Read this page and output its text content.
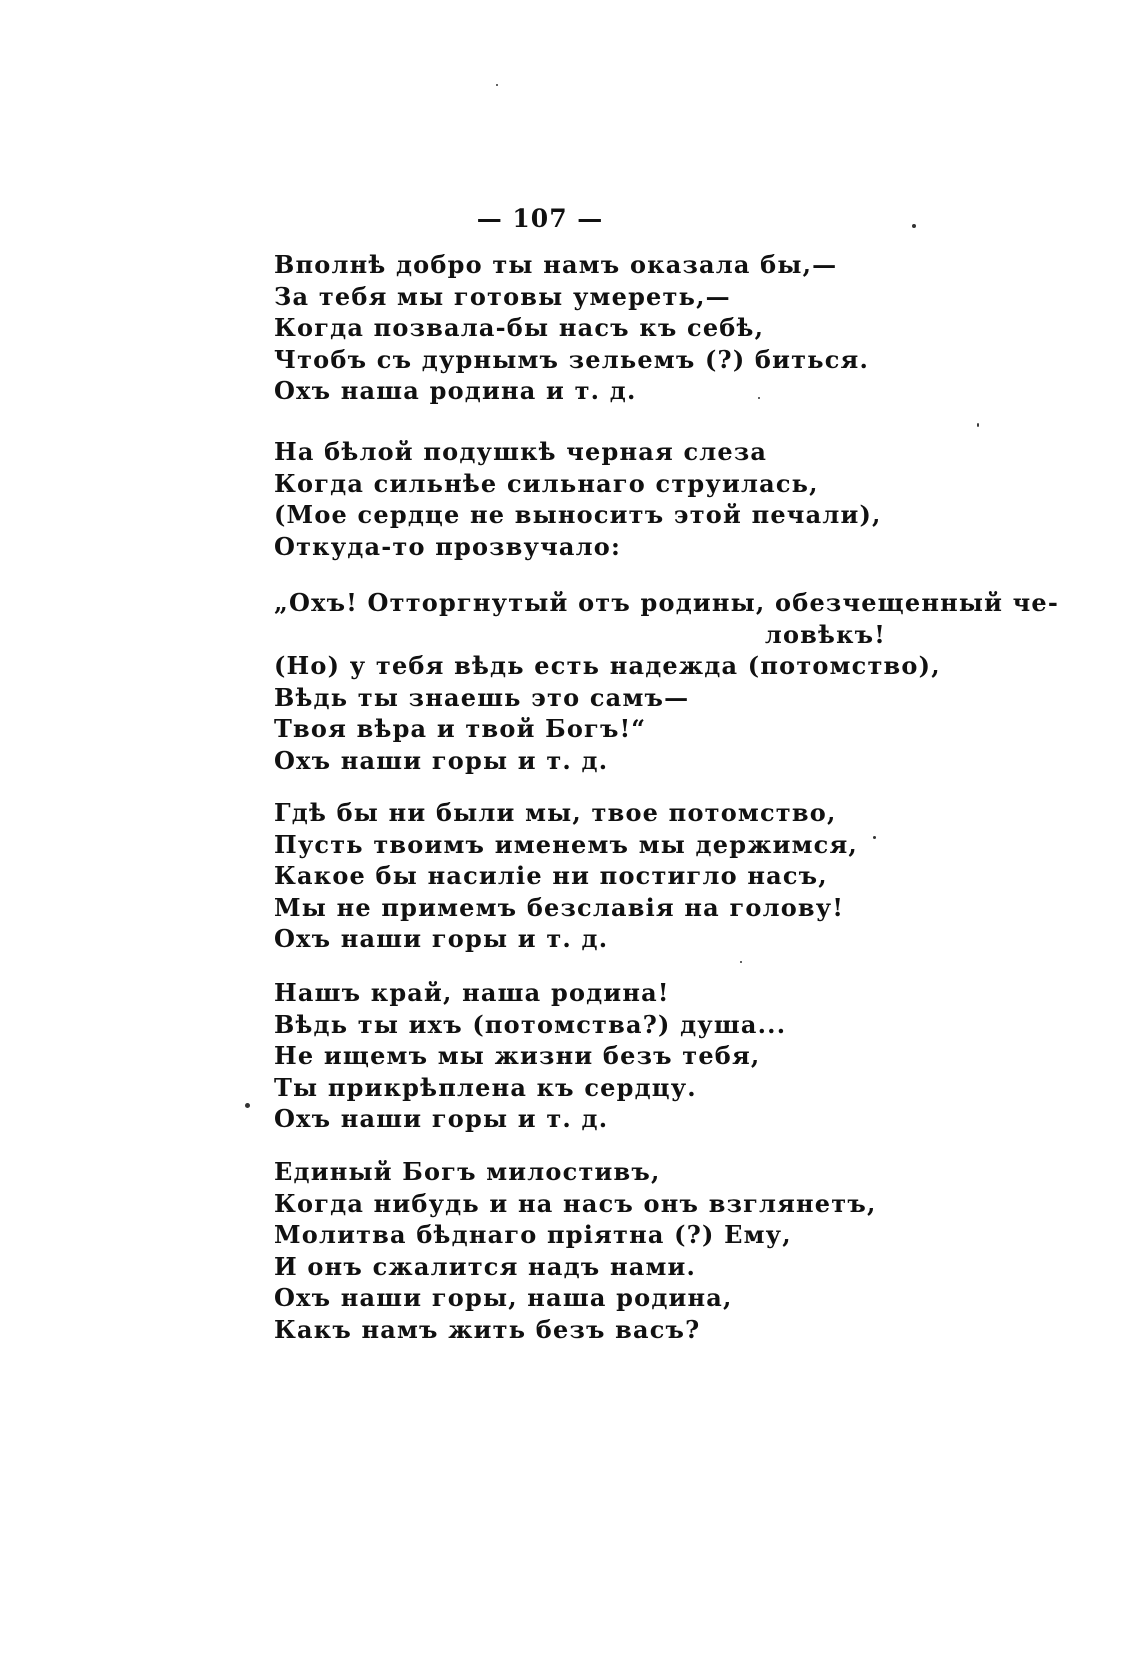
— 107 —
Вполнѣ добро ты намъ оказала бы,—
За тебя мы готовы умереть,—
Когда позвала-бы насъ къ себѣ,
Чтобъ съ дурнымъ зельемъ (?) биться.
Охъ наша родина и т. д.
На бѣлой подушкѣ черная слеза
Когда сильнѣе сильнаго струилась,
(Мое сердце не выноситъ этой печали),
Откуда-то прозвучало:
„Охъ! Отторгнутый отъ родины, обезчещенный че-
ловѣкъ!
(Но) у тебя вѣдь есть надежда (потомство),
Вѣдь ты знаешь это самъ—
Твоя вѣра и твой Богъ!“
Охъ наши горы и т. д.
Гдѣ бы ни были мы, твое потомство,
Пусть твоимъ именемъ мы держимся,
Какое бы насиліе ни постигло насъ,
Мы не примемъ безславія на голову!
Охъ наши горы и т. д.
Нашъ край, наша родина!
Вѣдь ты ихъ (потомства?) душа...
Не ищемъ мы жизни безъ тебя,
Ты прикрѣплена къ сердцу.
Охъ наши горы и т. д.
Единый Богъ милостивъ,
Когда нибудь и на насъ онъ взглянетъ,
Молитва бѣднаго пріятна (?) Ему,
И онъ сжалится надъ нами.
Охъ наши горы, наша родина,
Какъ намъ жить безъ васъ?
